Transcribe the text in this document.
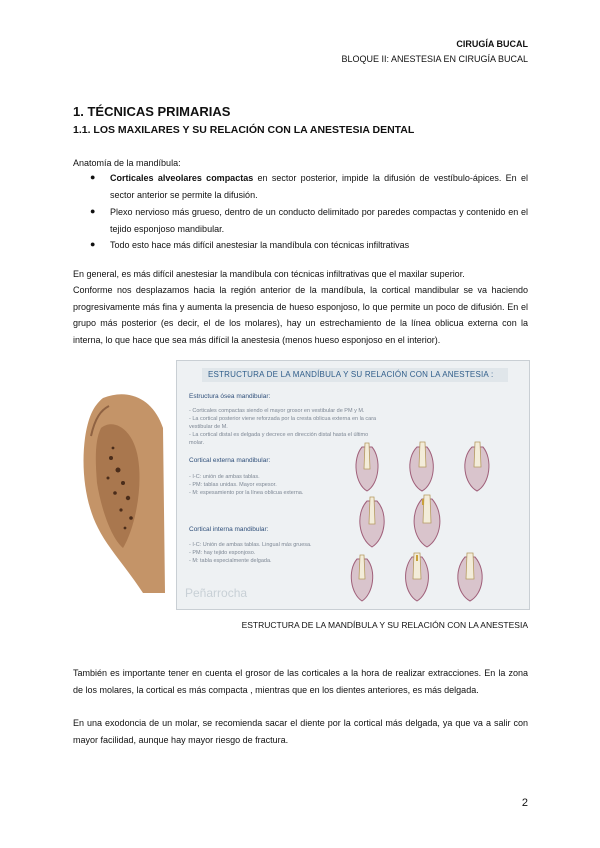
CIRUGÍA BUCAL
BLOQUE II: ANESTESIA EN CIRUGÍA BUCAL
1. TÉCNICAS PRIMARIAS
1.1. LOS MAXILARES Y SU RELACIÓN CON LA ANESTESIA DENTAL

Anatomía de la mandíbula:

● Corticales alveolares compactas en sector posterior, impide la difusión de vestíbulo-ápices. En el sector anterior se permite la difusión.

● Plexo nervioso más grueso, dentro de un conducto delimitado por paredes compactas y contenido en el tejido esponjoso mandibular.

● Todo esto hace más difícil anestesiar la mandíbula con técnicas infiltrativas

En general, es más difícil anestesiar la mandíbula con técnicas infiltrativas que el maxilar superior.

Conforme nos desplazamos hacia la región anterior de la mandíbula, la cortical mandibular se va haciendo progresivamente más fina y aumenta la presencia de hueso esponjoso, lo que permite un poco de difusión. En el grupo más posterior (es decir, el de los molares), hay un estrechamiento de la línea oblicua externa con la interna, lo que hace que sea más difícil la anestesia (menos hueso esponjoso en el interior).

ESTRUCTURA DE LA MANDÍBULA Y SU RELACIÓN CON LA ANESTESIA :
Estructura ósea mandibular:
- Corticales compactas siendo el mayor grosor en vestibular de PM y M.
- La cortical posterior viene reforzada por la cresta oblicua externa en la cara vestibular de M.
- La cortical distal es delgada y decrece en dirección distal hasta el último molar.
Cortical externa mandibular:
- I-C: unión de ambas tablas.
- PM: tablas unidas. Mayor espesor.
- M: espesamiento por la línea oblicua externa.
Cortical interna mandibular:
- I-C: Unión de ambas tablas. Lingual más gruesa.
- PM: hay tejido esponjoso.
- M: tabla especialmente delgada.
Peñarrocha
ESTRUCTURA DE LA MANDÍBULA Y SU RELACIÓN CON LA ANESTESIA

También es importante tener en cuenta el grosor de las corticales a la hora de realizar extracciones. En la zona de los molares, la cortical es más compacta , mientras que en los dientes anteriores, es más delgada.

En una exodoncia de un molar, se recomienda sacar el diente por la cortical más delgada, ya que va a salir con mayor facilidad, aunque hay mayor riesgo de fractura.

2
